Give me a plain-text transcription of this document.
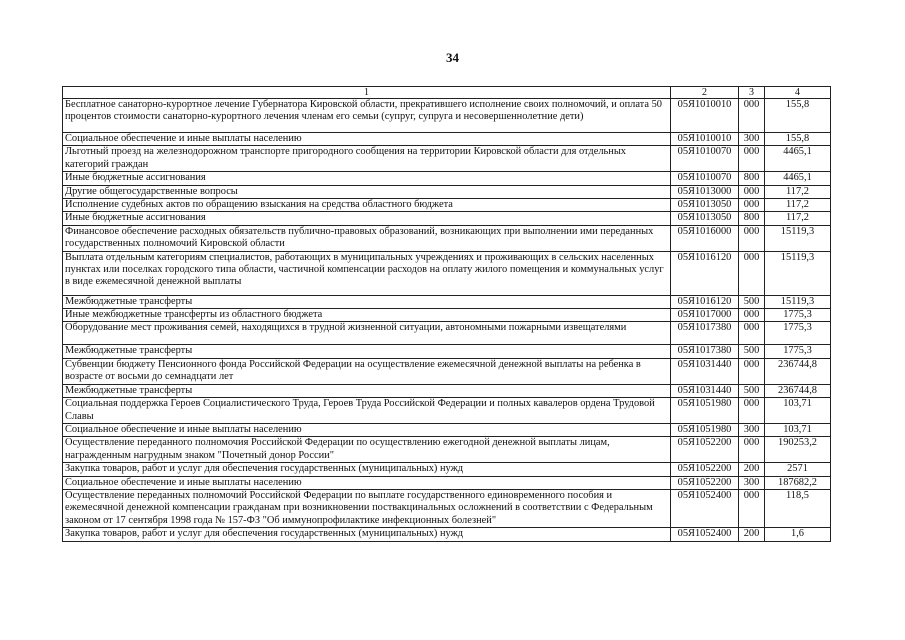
34
1	2	3	4
Бесплатное санаторно-курортное лечение Губернатора Кировской области, прекратившего исполнение своих полномочий, и оплата 50 процентов стоимости санаторно-курортного лечения членам его семьи (супруг, супруга и несовершеннолетние дети)	05Я1010010	000	155,8
Социальное обеспечение и иные выплаты населению	05Я1010010	300	155,8
Льготный проезд на железнодорожном транспорте пригородного сообщения на территории Кировской области для отдельных категорий граждан	05Я1010070	000	4465,1
Иные бюджетные ассигнования	05Я1010070	800	4465,1
Другие общегосударственные вопросы	05Я1013000	000	117,2
Исполнение судебных актов по обращению взыскания на средства областного бюджета	05Я1013050	000	117,2
Иные бюджетные ассигнования	05Я1013050	800	117,2
Финансовое обеспечение расходных обязательств публично-правовых образований, возникающих при выполнении ими переданных государственных полномочий Кировской области	05Я1016000	000	15119,3
Выплата отдельным категориям специалистов, работающих в муниципальных учреждениях и проживающих в сельских населенных пунктах или поселках городского типа области, частичной компенсации расходов на оплату жилого помещения и коммунальных услуг в виде ежемесячной денежной выплаты	05Я1016120	000	15119,3
Межбюджетные трансферты	05Я1016120	500	15119,3
Иные межбюджетные трансферты из областного бюджета	05Я1017000	000	1775,3
Оборудование мест проживания семей, находящихся в трудной жизненной ситуации, автономными пожарными извещателями	05Я1017380	000	1775,3
Межбюджетные трансферты	05Я1017380	500	1775,3
Субвенции бюджету Пенсионного фонда Российской Федерации на осуществление ежемесячной денежной выплаты на ребенка в возрасте от восьми до семнадцати лет	05Я1031440	000	236744,8
Межбюджетные трансферты	05Я1031440	500	236744,8
Социальная поддержка Героев Социалистического Труда, Героев Труда Российской Федерации и полных кавалеров ордена Трудовой Славы	05Я1051980	000	103,71
Социальное обеспечение и иные выплаты населению	05Я1051980	300	103,71
Осуществление переданного полномочия Российской Федерации по осуществлению ежегодной денежной выплаты лицам, награжденным нагрудным знаком "Почетный донор России"	05Я1052200	000	190253,2
Закупка товаров, работ и услуг для обеспечения государственных (муниципальных) нужд	05Я1052200	200	2571
Социальное обеспечение и иные выплаты населению	05Я1052200	300	187682,2
Осуществление переданных полномочий Российской Федерации по выплате государственного единовременного пособия и ежемесячной денежной компенсации гражданам при возникновении поствакцинальных осложнений в соответствии с Федеральным законом от 17 сентября 1998 года № 157-ФЗ "Об иммунопрофилактике инфекционных болезней"	05Я1052400	000	118,5
Закупка товаров, работ и услуг для обеспечения государственных (муниципальных) нужд	05Я1052400	200	1,6
